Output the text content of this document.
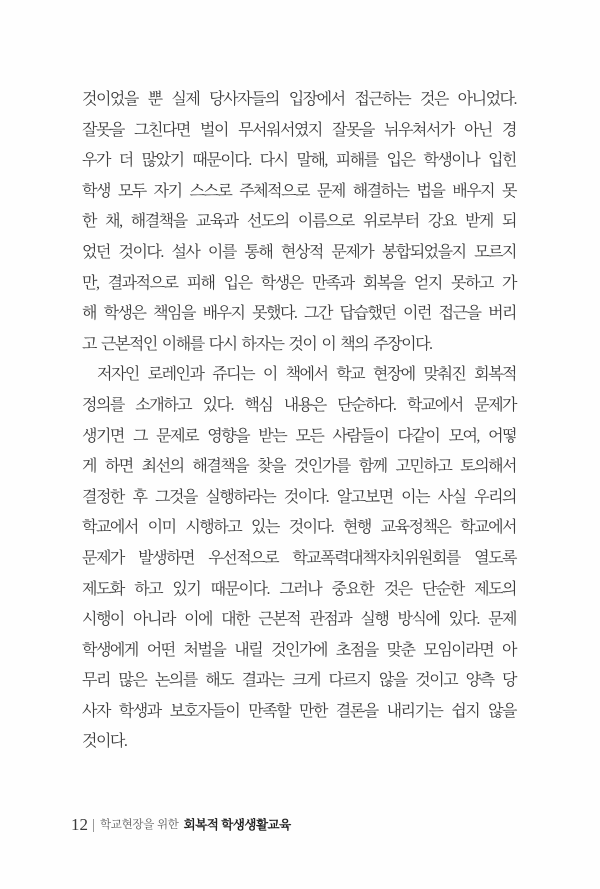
것이었을 뿐 실제 당사자들의 입장에서 접근하는 것은 아니었다.
잘못을 그친다면 벌이 무서워서였지 잘못을 뉘우쳐서가 아닌 경
우가 더 많았기 때문이다. 다시 말해, 피해를 입은 학생이나 입힌
학생 모두 자기 스스로 주체적으로 문제 해결하는 법을 배우지 못
한 채, 해결책을 교육과 선도의 이름으로 위로부터 강요 받게 되
었던 것이다. 설사 이를 통해 현상적 문제가 봉합되었을지 모르지
만, 결과적으로 피해 입은 학생은 만족과 회복을 얻지 못하고 가
해 학생은 책임을 배우지 못했다. 그간 답습했던 이런 접근을 버리
고 근본적인 이해를 다시 하자는 것이 이 책의 주장이다.
저자인 로레인과 쥬디는 이 책에서 학교 현장에 맞춰진 회복적
정의를 소개하고 있다. 핵심 내용은 단순하다. 학교에서 문제가
생기면 그 문제로 영향을 받는 모든 사람들이 다같이 모여, 어떻
게 하면 최선의 해결책을 찾을 것인가를 함께 고민하고 토의해서
결정한 후 그것을 실행하라는 것이다. 알고보면 이는 사실 우리의
학교에서 이미 시행하고 있는 것이다. 현행 교육정책은 학교에서
문제가 발생하면 우선적으로 학교폭력대책자치위원회를 열도록
제도화 하고 있기 때문이다. 그러나 중요한 것은 단순한 제도의
시행이 아니라 이에 대한 근본적 관점과 실행 방식에 있다. 문제
학생에게 어떤 처벌을 내릴 것인가에 초점을 맞춘 모임이라면 아
무리 많은 논의를 해도 결과는 크게 다르지 않을 것이고 양측 당
사자 학생과 보호자들이 만족할 만한 결론을 내리기는 쉽지 않을
것이다.
12 학교현장을 위한 회복적 학생생활교육
